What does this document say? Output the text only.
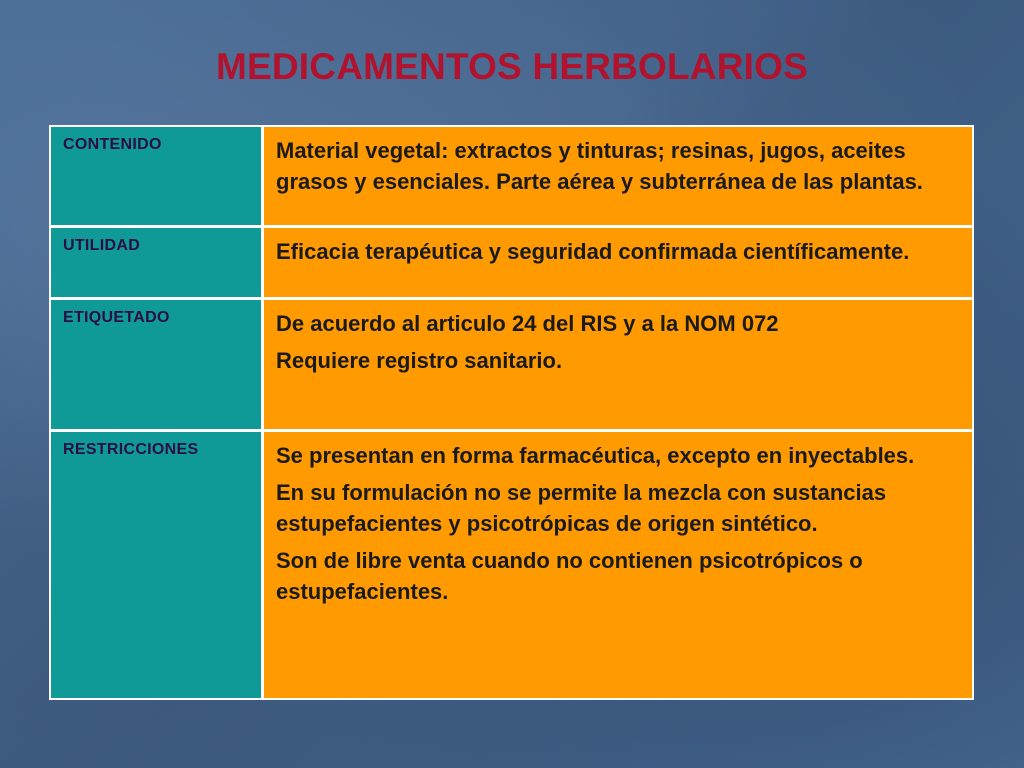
MEDICAMENTOS HERBOLARIOS
CONTENIDO	Material vegetal: extractos y tinturas; resinas, jugos, aceites grasos y esenciales. Parte aérea y subterránea de las plantas.

UTILIDAD	Eficacia terapéutica y seguridad confirmada científicamente.

ETIQUETADO	De acuerdo al articulo 24 del RIS y a la NOM 072

Requiere registro sanitario.

RESTRICCIONES	Se presentan en forma farmacéutica, excepto en inyectables.

En su formulación no se permite la mezcla con sustancias estupefacientes y psicotrópicas de origen sintético.

Son de libre venta cuando no contienen psicotrópicos o estupefacientes.
